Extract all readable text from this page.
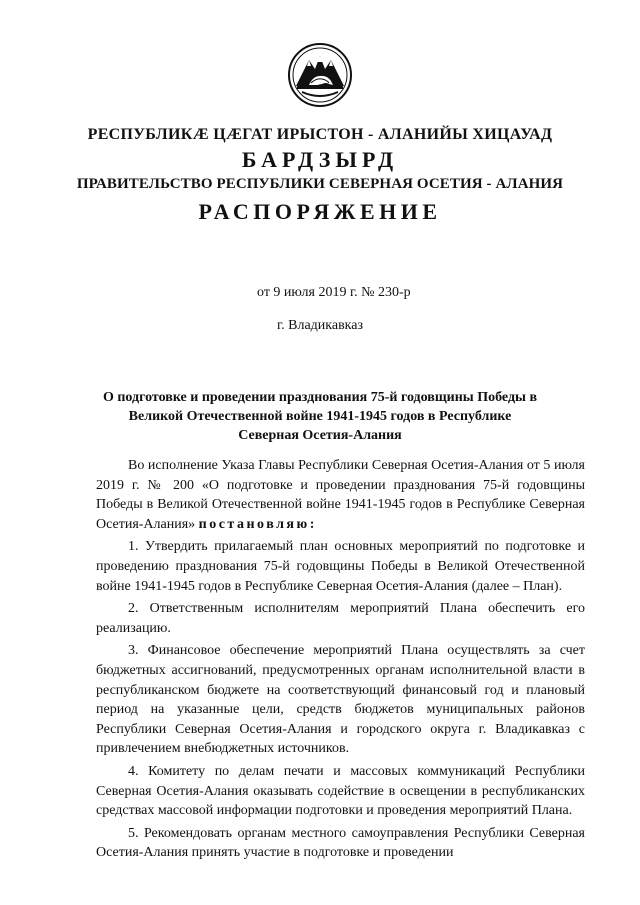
РЕСПУБЛИКӔ ЦӔГАТ ИРЫСТОН - АЛАНИЙЫ ХИЦАУАД
БАРДЗЫРД
ПРАВИТЕЛЬСТВО РЕСПУБЛИКИ СЕВЕРНАЯ ОСЕТИЯ - АЛАНИЯ
РАСПОРЯЖЕНИЕ
от 9 июля 2019 г. № 230-р
г. Владикавказ
О подготовке и проведении празднования 75-й годовщины Победы в Великой Отечественной войне 1941-1945 годов в Республике Северная Осетия-Алания

Во исполнение Указа Главы Республики Северная Осетия-Алания от 5 июля 2019 г. № 200 «О подготовке и проведении празднования 75-й годовщины Победы в Великой Отечественной войне 1941-1945 годов в Республике Северная Осетия-Алания» постановляю:

1. Утвердить прилагаемый план основных мероприятий по подготовке и проведению празднования 75-й годовщины Победы в Великой Отечественной войне 1941-1945 годов в Республике Северная Осетия-Алания (далее – План).

2. Ответственным исполнителям мероприятий Плана обеспечить его реализацию.

3. Финансовое обеспечение мероприятий Плана осуществлять за счет бюджетных ассигнований, предусмотренных органам исполнительной власти в республиканском бюджете на соответствующий финансовый год и плановый период на указанные цели, средств бюджетов муниципальных районов Республики Северная Осетия-Алания и городского округа г. Владикавказ с привлечением внебюджетных источников.

4. Комитету по делам печати и массовых коммуникаций Республики Северная Осетия-Алания оказывать содействие в освещении в республиканских средствах массовой информации подготовки и проведения мероприятий Плана.

5. Рекомендовать органам местного самоуправления Республики Северная Осетия-Алания принять участие в подготовке и проведении
